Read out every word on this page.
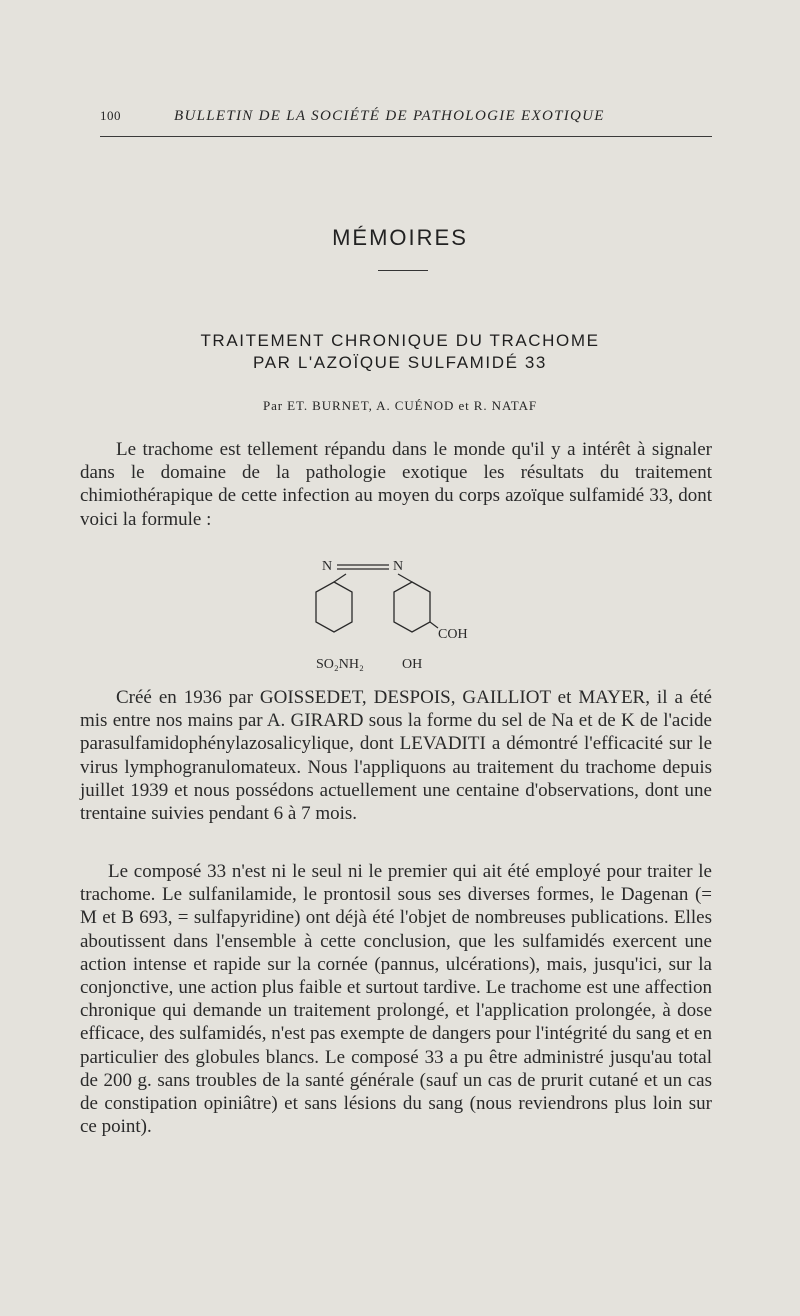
100	BULLETIN DE LA SOCIÉTÉ DE PATHOLOGIE EXOTIQUE
MÉMOIRES
TRAITEMENT CHRONIQUE DU TRACHOME
PAR L'AZOÏQUE SULFAMIDÉ 33
Par ET. BURNET, A. CUÉNOD et R. NATAF

Le trachome est tellement répandu dans le monde qu'il y a intérêt à signaler dans le domaine de la pathologie exotique les résultats du traitement chimiothérapique de cette infection au moyen du corps azoïque sulfamidé 33, dont voici la formule :

N	N
COH
SO₂NH₂	OH

Créé en 1936 par GOISSEDET, DESPOIS, GAILLIOT et MAYER, il a été mis entre nos mains par A. GIRARD sous la forme du sel de Na et de K de l'acide parasulfamidophénylazosalicylique, dont LEVADITI a démontré l'efficacité sur le virus lymphogranulomateux. Nous l'appliquons au traitement du trachome depuis juillet 1939 et nous possédons actuellement une centaine d'observations, dont une trentaine suivies pendant 6 à 7 mois.

Le composé 33 n'est ni le seul ni le premier qui ait été employé pour traiter le trachome. Le sulfanilamide, le prontosil sous ses diverses formes, le Dagenan (= M et B 693, = sulfapyridine) ont déjà été l'objet de nombreuses publications. Elles aboutissent dans l'ensemble à cette conclusion, que les sulfamidés exercent une action intense et rapide sur la cornée (pannus, ulcérations), mais, jusqu'ici, sur la conjonctive, une action plus faible et surtout tardive. Le trachome est une affection chronique qui demande un traitement prolongé, et l'application prolongée, à dose efficace, des sulfamidés, n'est pas exempte de dangers pour l'intégrité du sang et en particulier des globules blancs. Le composé 33 a pu être administré jusqu'au total de 200 g. sans troubles de la santé générale (sauf un cas de prurit cutané et un cas de constipation opiniâtre) et sans lésions du sang (nous reviendrons plus loin sur ce point).
